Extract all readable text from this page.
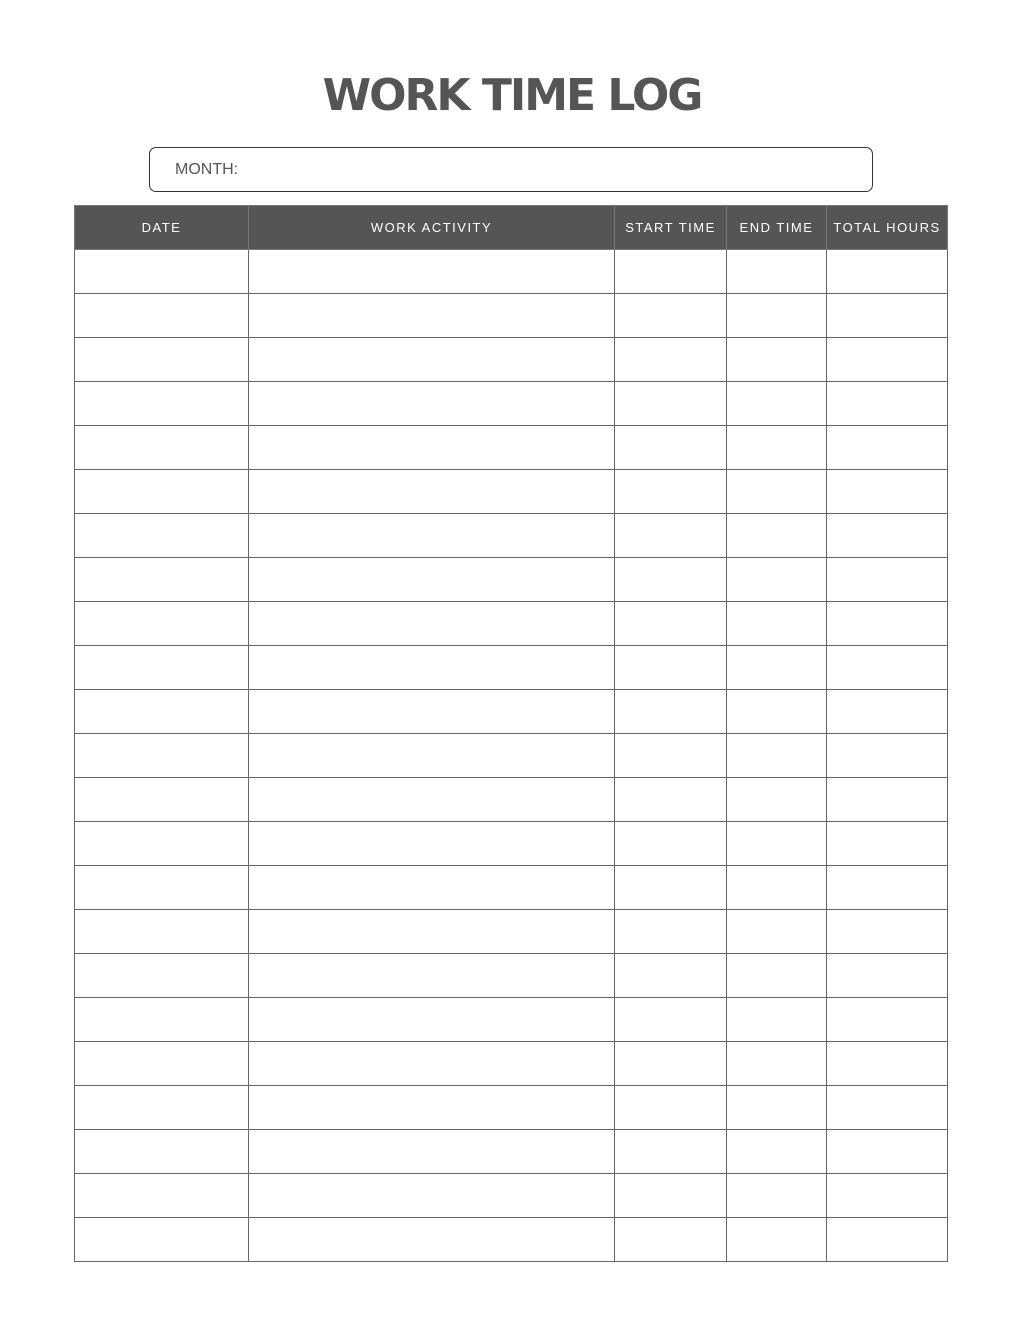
WORK TIME LOG
MONTH:
DATE	WORK ACTIVITY	START TIME	END TIME	TOTAL HOURS
